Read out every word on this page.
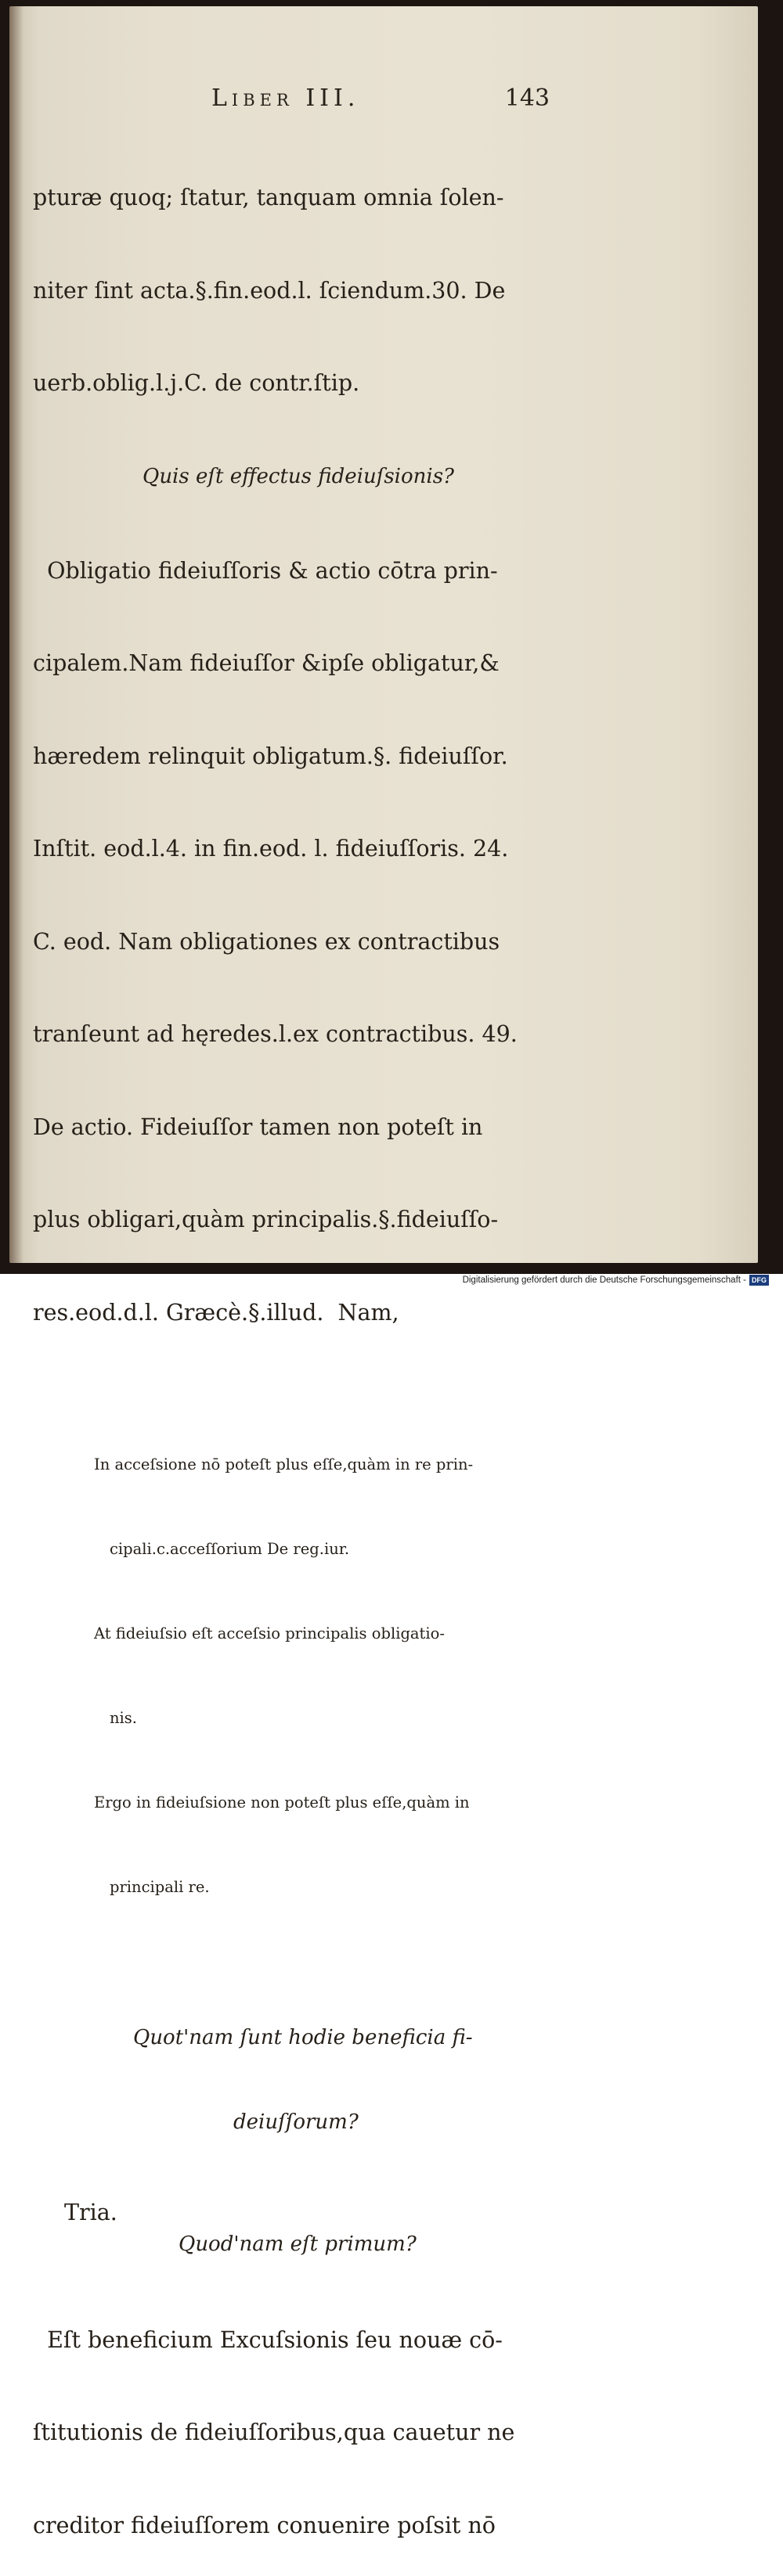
Liber III.	143

pturæ quoq; ſtatur, tanquam omnia ſolen-

niter ſint acta.§.fin.eod.l. ſciendum.30. De

uerb.oblig.l.j.C. de contr.ſtip.

Quis eſt effectus fideiuſsionis?

Obligatio fideiuſſoris & actio cōtra prin-

cipalem.Nam fideiuſſor &ipſe obligatur,&

hæredem relinquit obligatum.§. fideiuſſor.

Inſtit. eod.l.4. in fin.eod. l. fideiuſſoris. 24.

C. eod. Nam obligationes ex contractibus

tranſeunt ad hęredes.l.ex contractibus. 49.

De actio. Fideiuſſor tamen non poteſt in

plus obligari,quàm principalis.§.fideiuſſo-

res.eod.d.l. Græcè.§.illud.  Nam,

In acceſsione nō poteſt plus eſſe,quàm in re prin-

cipali.c.acceſſorium De reg.iur.

At fideiuſsio eſt acceſsio principalis obligatio-

nis.

Ergo in fideiuſsione non poteſt plus eſſe,quàm in

principali re.

Quot'nam ſunt hodie beneficia fi-

deiuſſorum?

Tria.
Quod'nam eſt primum?

Eſt beneficium Excuſsionis ſeu nouæ cō-

ſtitutionis de fideiuſſoribus,qua cauetur ne

creditor fideiuſſorem conuenire poſsit nō

Digitalisierung gefördert durch die Deutsche Forschungsgemeinschaft - DFG
